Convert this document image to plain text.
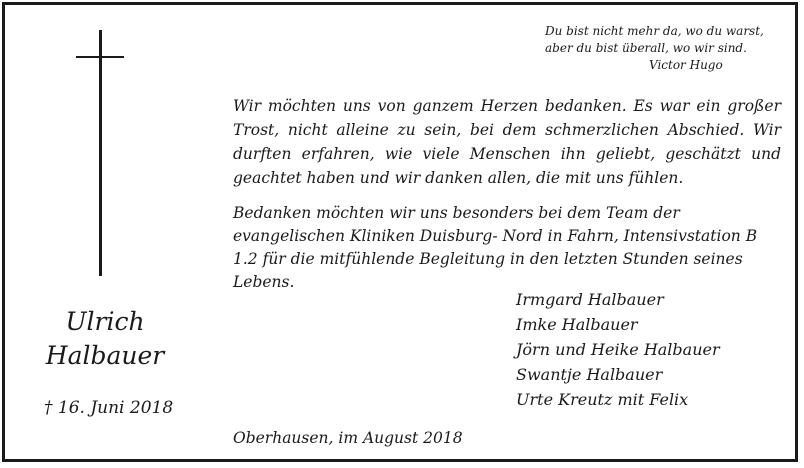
Du bist nicht mehr da, wo du warst,
aber du bist überall, wo wir sind.
Victor Hugo
Wir möchten uns von ganzem Herzen bedanken. Es war ein großer Trost, nicht alleine zu sein, bei dem schmerzlichen Abschied. Wir durften erfahren, wie viele Menschen ihn geliebt, geschätzt und geachtet haben und wir danken allen, die mit uns fühlen.
Bedanken möchten wir uns besonders bei dem Team der evangelischen Kliniken Duisburg- Nord in Fahrn, Intensivstation B 1.2 für die mitfühlende Begleitung in den letzten Stunden seines Lebens.
Irmgard Halbauer
Imke Halbauer
Jörn und Heike Halbauer
Swantje Halbauer
Urte Kreutz mit Felix
Ulrich
Halbauer
† 16. Juni 2018
Oberhausen, im August 2018
